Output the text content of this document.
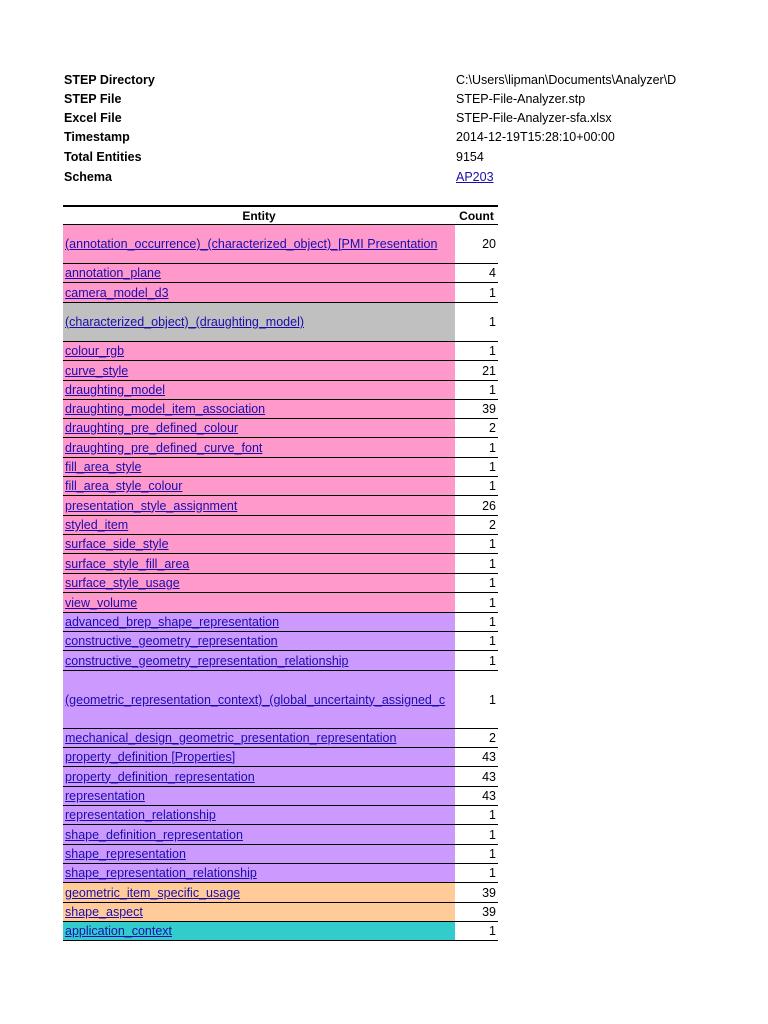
STEP Directory	C:\Users\lipman\Documents\Analyzer\D
STEP File	STEP-File-Analyzer.stp
Excel File	STEP-File-Analyzer-sfa.xlsx
Timestamp	2014-12-19T15:28:10+00:00
Total Entities	9154
Schema	AP203
Entity	Count
(annotation_occurrence)_(characterized_object)_[PMI Presentation	20
annotation_plane	4
camera_model_d3	1
(characterized_object)_(draughting_model)	1
colour_rgb	1
curve_style	21
draughting_model	1
draughting_model_item_association	39
draughting_pre_defined_colour	2
draughting_pre_defined_curve_font	1
fill_area_style	1
fill_area_style_colour	1
presentation_style_assignment	26
styled_item	2
surface_side_style	1
surface_style_fill_area	1
surface_style_usage	1
view_volume	1
advanced_brep_shape_representation	1
constructive_geometry_representation	1
constructive_geometry_representation_relationship	1
(geometric_representation_context)_(global_uncertainty_assigned_c	1
mechanical_design_geometric_presentation_representation	2
property_definition [Properties]	43
property_definition_representation	43
representation	43
representation_relationship	1
shape_definition_representation	1
shape_representation	1
shape_representation_relationship	1
geometric_item_specific_usage	39
shape_aspect	39
application_context	1
